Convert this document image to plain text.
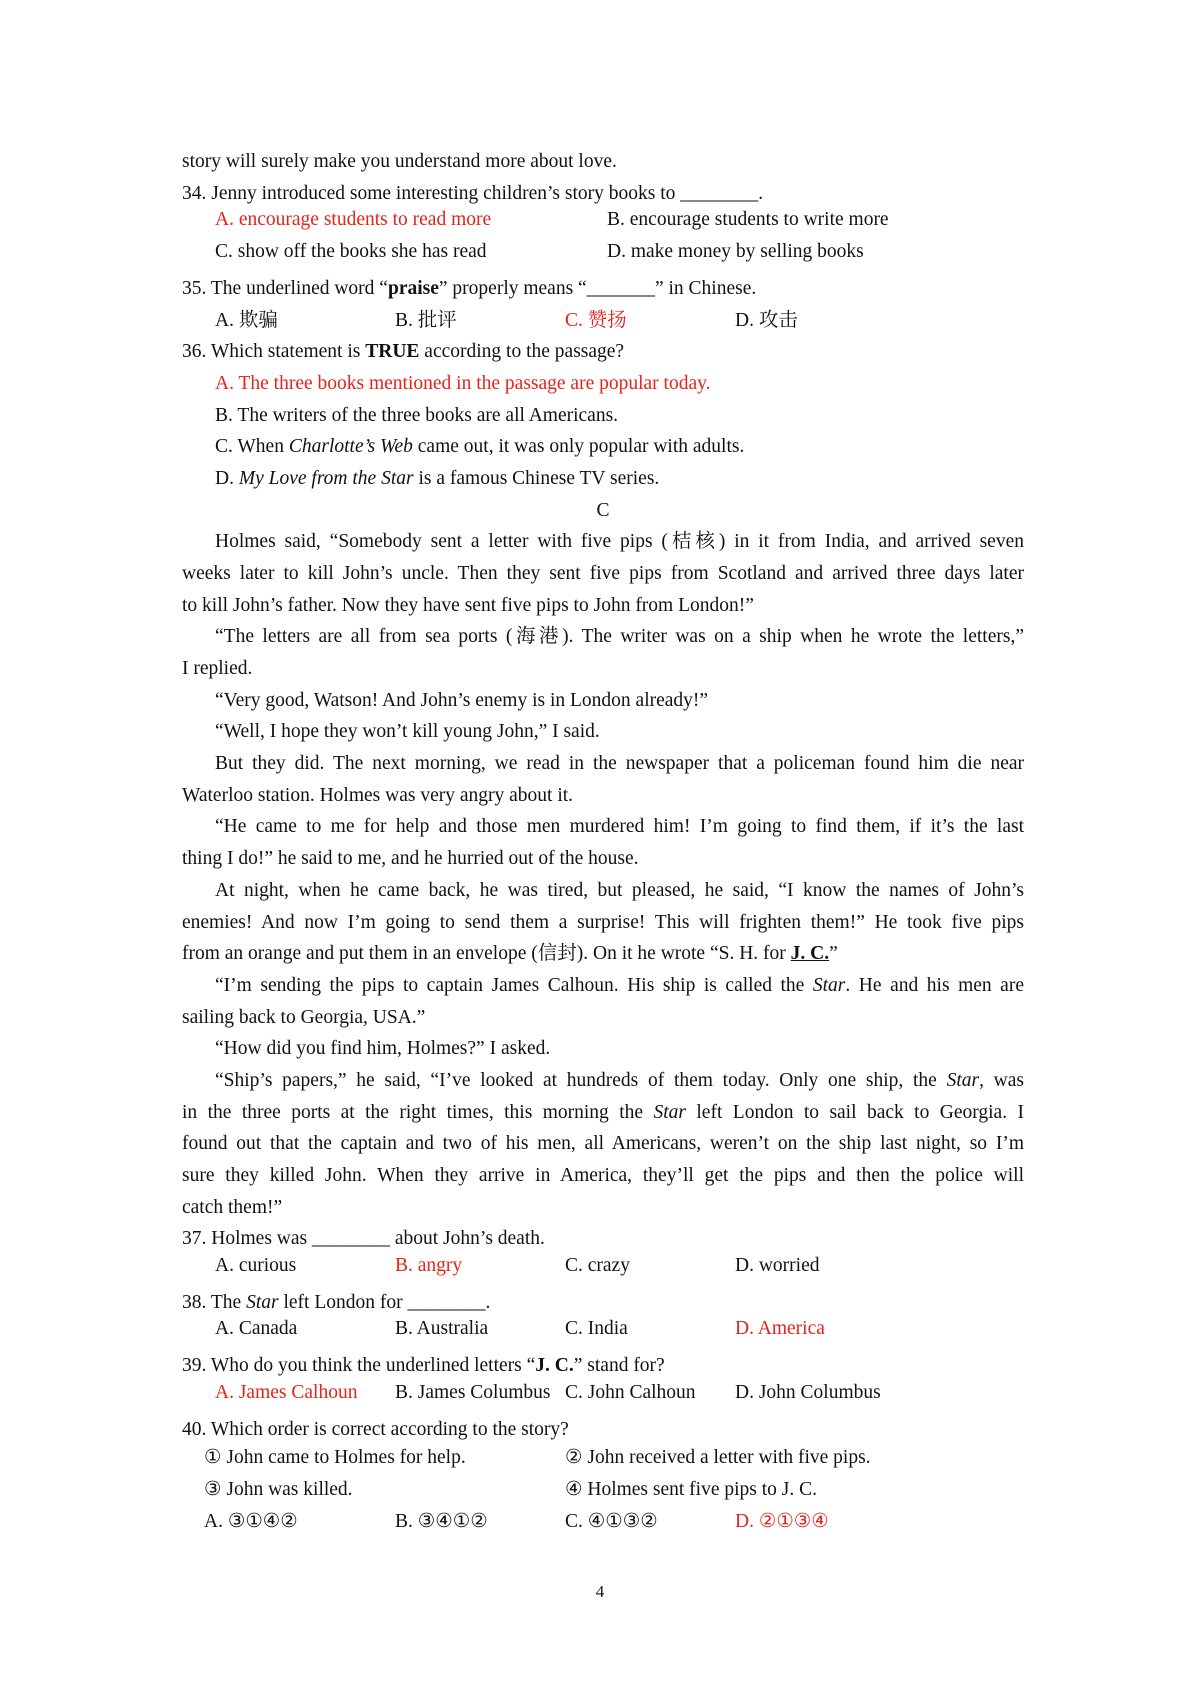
story will surely make you understand more about love.
34. Jenny introduced some interesting children’s story books to ________.
A. encourage students to read more	B. encourage students to write more
C. show off the books she has read	D. make money by selling books
35. The underlined word “praise” properly means “_______” in Chinese.
A. 欺骗	B. 批评	C. 赞扬	D. 攻击
36. Which statement is TRUE according to the passage?
A. The three books mentioned in the passage are popular today.
B. The writers of the three books are all Americans.
C. When Charlotte’s Web came out, it was only popular with adults.
D. My Love from the Star is a famous Chinese TV series.
C
Holmes said, “Somebody sent a letter with five pips (桔核) in it from India, and arrived seven
weeks later to kill John’s uncle. Then they sent five pips from Scotland and arrived three days later
to kill John’s father. Now they have sent five pips to John from London!”
“The letters are all from sea ports (海港). The writer was on a ship when he wrote the letters,”
I replied.
“Very good, Watson! And John’s enemy is in London already!”
“Well, I hope they won’t kill young John,” I said.
But they did. The next morning, we read in the newspaper that a policeman found him die near
Waterloo station. Holmes was very angry about it.
“He came to me for help and those men murdered him! I’m going to find them, if it’s the last
thing I do!” he said to me, and he hurried out of the house.
At night, when he came back, he was tired, but pleased, he said, “I know the names of John’s
enemies! And now I’m going to send them a surprise! This will frighten them!” He took five pips
from an orange and put them in an envelope (信封). On it he wrote “S. H. for J. C.”
“I’m sending the pips to captain James Calhoun. His ship is called the Star. He and his men are
sailing back to Georgia, USA.”
“How did you find him, Holmes?” I asked.
“Ship’s papers,” he said, “I’ve looked at hundreds of them today. Only one ship, the Star, was
in the three ports at the right times, this morning the Star left London to sail back to Georgia. I
found out that the captain and two of his men, all Americans, weren’t on the ship last night, so I’m
sure they killed John. When they arrive in America, they’ll get the pips and then the police will
catch them!”
37. Holmes was ________ about John’s death.
A. curious	B. angry	C. crazy	D. worried
38. The Star left London for ________.
A. Canada	B. Australia	C. India	D. America
39. Who do you think the underlined letters “J. C.” stand for?
A. James Calhoun B. James Columbus C. John Calhoun D. John Columbus
40. Which order is correct according to the story?
① John came to Holmes for help.	② John received a letter with five pips.
③ John was killed.	④ Holmes sent five pips to J. C.
A. ③①④②	B. ③④①②	C. ④①③②	D. ②①③④
4
